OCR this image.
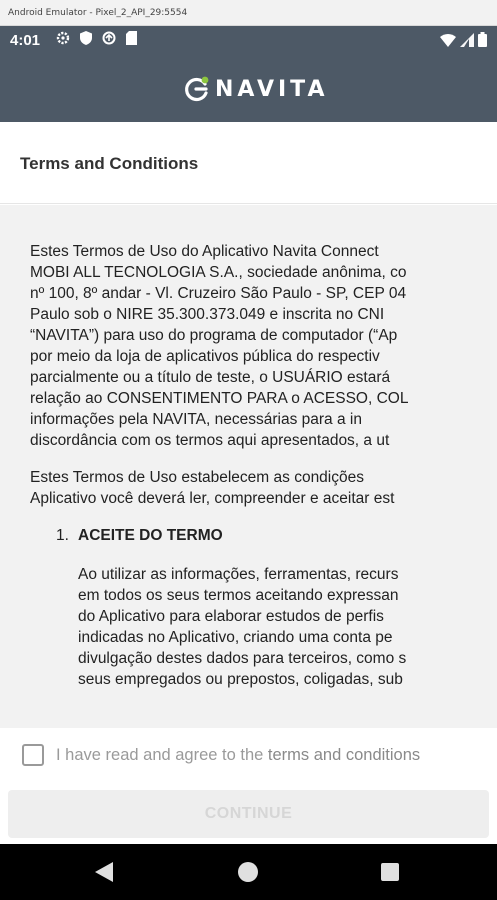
Android Emulator - Pixel_2_API_29:5554
4:01
NAVITA
Terms and Conditions
Estes Termos de Uso do Aplicativo Navita Connect
MOBI ALL TECNOLOGIA S.A., sociedade anônima, co
nº 100, 8º andar - Vl. Cruzeiro São Paulo - SP, CEP 04
Paulo sob o NIRE 35.300.373.049 e inscrita no CNI
“NAVITA”) para uso do programa de computador (“Ap
por meio da loja de aplicativos pública do respectiv
parcialmente ou a título de teste, o USUÁRIO estará
relação ao CONSENTIMENTO PARA o ACESSO, COL
informações pela NAVITA, necessárias para a in
discordância com os termos aqui apresentados, a ut
Estes Termos de Uso estabelecem as condições
Aplicativo você deverá ler, compreender e aceitar est
1. ACEITE DO TERMO
Ao utilizar as informações, ferramentas, recurs
em todos os seus termos aceitando expressan
do Aplicativo para elaborar estudos de perfis
indicadas no Aplicativo, criando uma conta pe
divulgação destes dados para terceiros, como s
seus empregados ou prepostos, coligadas, sub
I have read and agree to the terms and conditions
CONTINUE
